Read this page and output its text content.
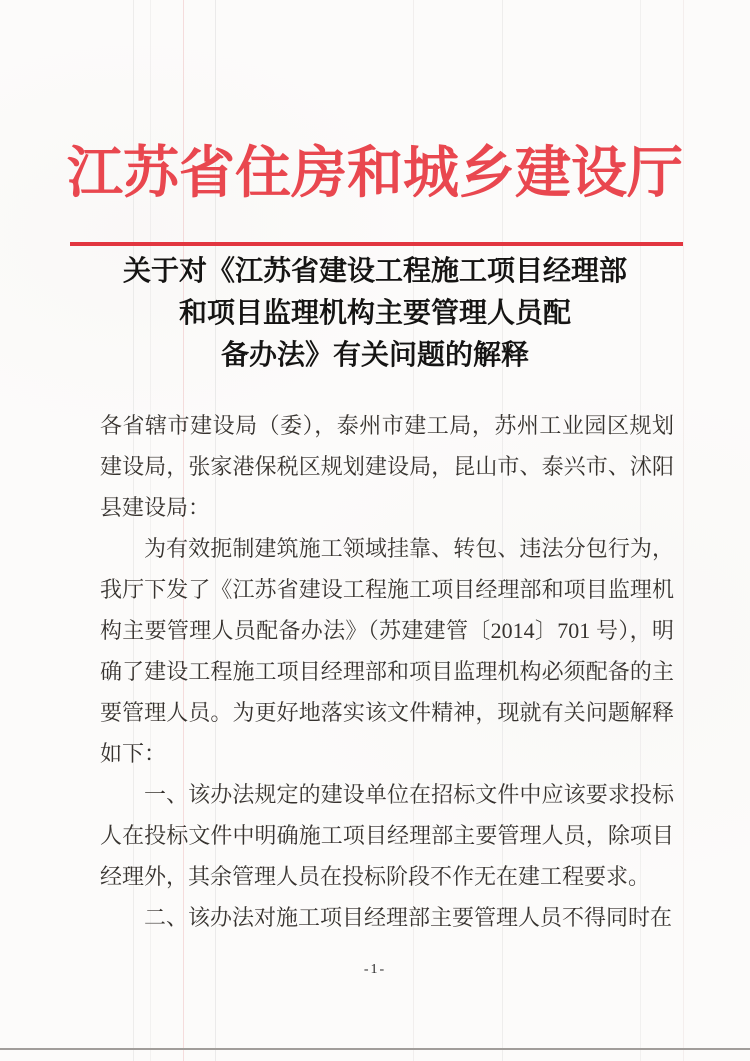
江苏省住房和城乡建设厅
关于对《江苏省建设工程施工项目经理部
和项目监理机构主要管理人员配
备办法》有关问题的解释

各省辖市建设局（委），泰州市建工局，苏州工业园区规划建设局，张家港保税区规划建设局，昆山市、泰兴市、沭阳县建设局：

为有效扼制建筑施工领域挂靠、转包、违法分包行为，我厅下发了《江苏省建设工程施工项目经理部和项目监理机构主要管理人员配备办法》（苏建建管〔2014〕701 号），明确了建设工程施工项目经理部和项目监理机构必须配备的主要管理人员。为更好地落实该文件精神，现就有关问题解释如下：

一、该办法规定的建设单位在招标文件中应该要求投标人在投标文件中明确施工项目经理部主要管理人员，除项目经理外，其余管理人员在投标阶段不作无在建工程要求。

二、该办法对施工项目经理部主要管理人员不得同时在

-1-
